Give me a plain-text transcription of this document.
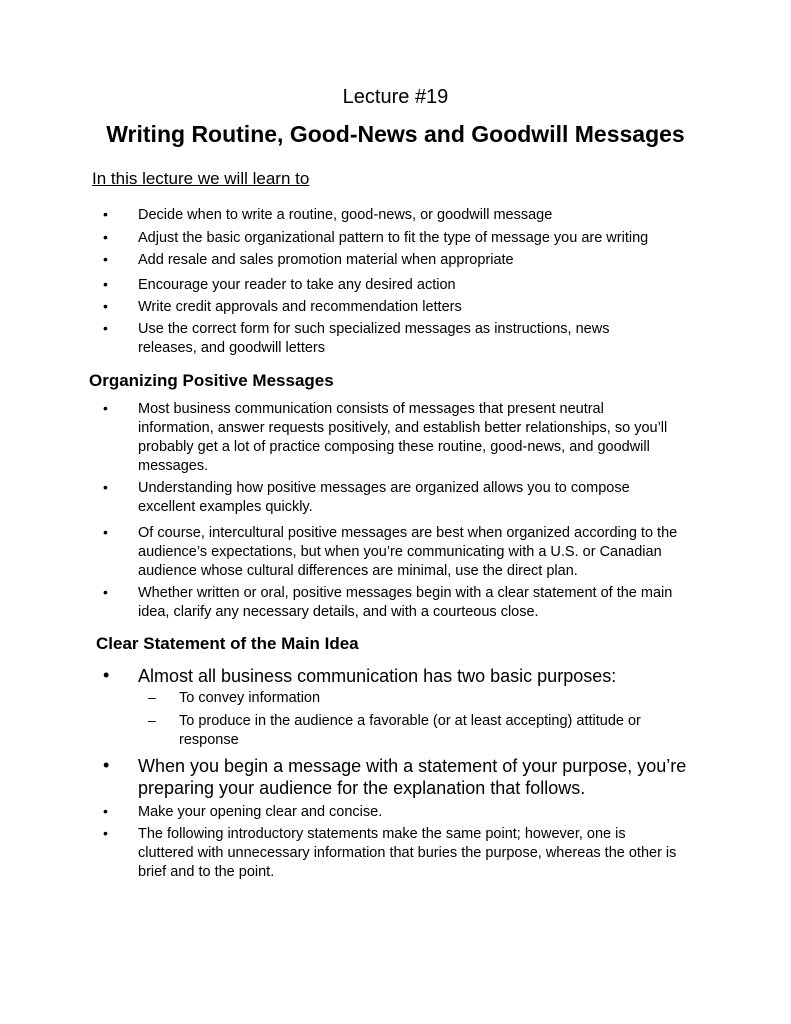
Lecture #19
Writing Routine, Good-News and Goodwill Messages
In this lecture we will learn to
• Decide when to write a routine, good-news, or goodwill message
• Adjust the basic organizational pattern to fit the type of message you are writing
• Add resale and sales promotion material when appropriate
• Encourage your reader to take any desired action
• Write credit approvals and recommendation letters
• Use the correct form for such specialized messages as instructions, news releases, and goodwill letters
Organizing Positive Messages
• Most business communication consists of messages that present neutral information, answer requests positively, and establish better relationships, so you’ll probably get a lot of practice composing these routine, good-news, and goodwill messages.
• Understanding how positive messages are organized allows you to compose excellent examples quickly.
• Of course, intercultural positive messages are best when organized according to the audience’s expectations, but when you’re communicating with a U.S. or Canadian audience whose cultural differences are minimal, use the direct plan.
• Whether written or oral, positive messages begin with a clear statement of the main idea, clarify any necessary details, and with a courteous close.
Clear Statement of the Main Idea
• Almost all business communication has two basic purposes:
– To convey information
– To produce in the audience a favorable (or at least accepting) attitude or response
• When you begin a message with a statement of your purpose, you’re preparing your audience for the explanation that follows.
• Make your opening clear and concise.
• The following introductory statements make the same point; however, one is cluttered with unnecessary information that buries the purpose, whereas the other is brief and to the point.
